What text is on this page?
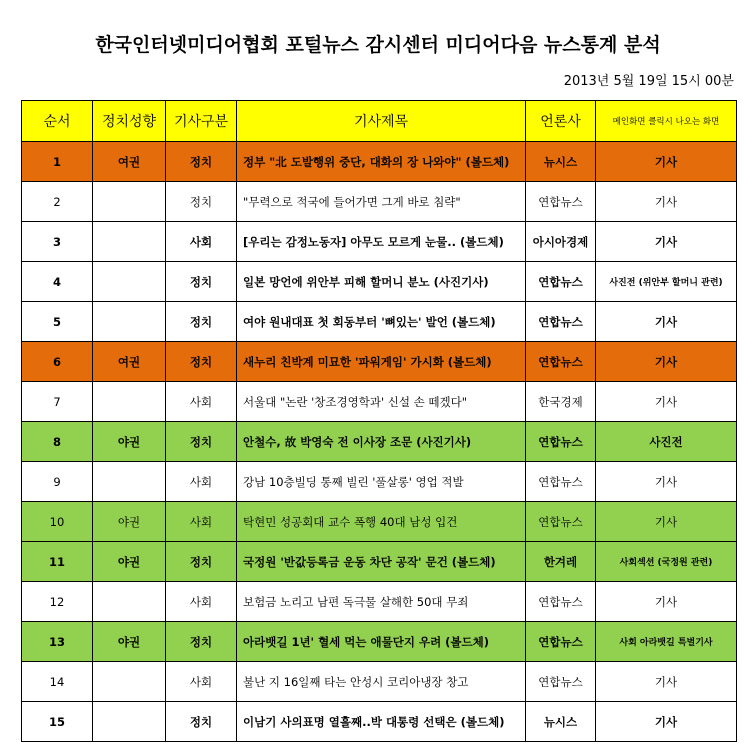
한국인터넷미디어협회 포털뉴스 감시센터 미디어다음 뉴스통계 분석
2013년 5월 19일 15시 00분
순서	정치성향	기사구분	기사제목	언론사	메인화면 클릭시 나오는 화면
1	여권	정치	정부 "北 도발행위 중단, 대화의 장 나와야" (볼드체)	뉴시스	기사
2		정치	"무력으로 적국에 들어가면 그게 바로 침략"	연합뉴스	기사
3		사회	[우리는 감정노동자] 아무도 모르게 눈물.. (볼드체)	아시아경제	기사
4		정치	일본 망언에 위안부 피해 할머니 분노 (사진기사)	연합뉴스	사진전 (위안부 할머니 관련)
5		정치	여야 원내대표 첫 회동부터 '뼈있는' 발언 (볼드체)	연합뉴스	기사
6	여권	정치	새누리 친박계 미묘한 '파워게임' 가시화 (볼드체)	연합뉴스	기사
7		사회	서울대 "논란 '창조경영학과' 신설 손 떼겠다"	한국경제	기사
8	야권	정치	안철수, 故 박영숙 전 이사장 조문 (사진기사)	연합뉴스	사진전
9		사회	강남 10층빌딩 통째 빌린 '풀살롱' 영업 적발	연합뉴스	기사
10	야권	사회	탁현민 성공회대 교수 폭행 40대 남성 입건	연합뉴스	기사
11	야권	정치	국정원 '반값등록금 운동 차단 공작' 문건 (볼드체)	한겨레	사회섹션 (국정원 관련)
12		사회	보험금 노리고 남편 독극물 살해한 50대 무죄	연합뉴스	기사
13	야권	정치	아라뱃길 1년' 혈세 먹는 애물단지 우려 (볼드체)	연합뉴스	사회 아라뱃길 특별기사
14		사회	불난 지 16일째 타는 안성시 코리아냉장 창고	연합뉴스	기사
15		정치	이남기 사의표명 열흘째..박 대통령 선택은 (볼드체)	뉴시스	기사
